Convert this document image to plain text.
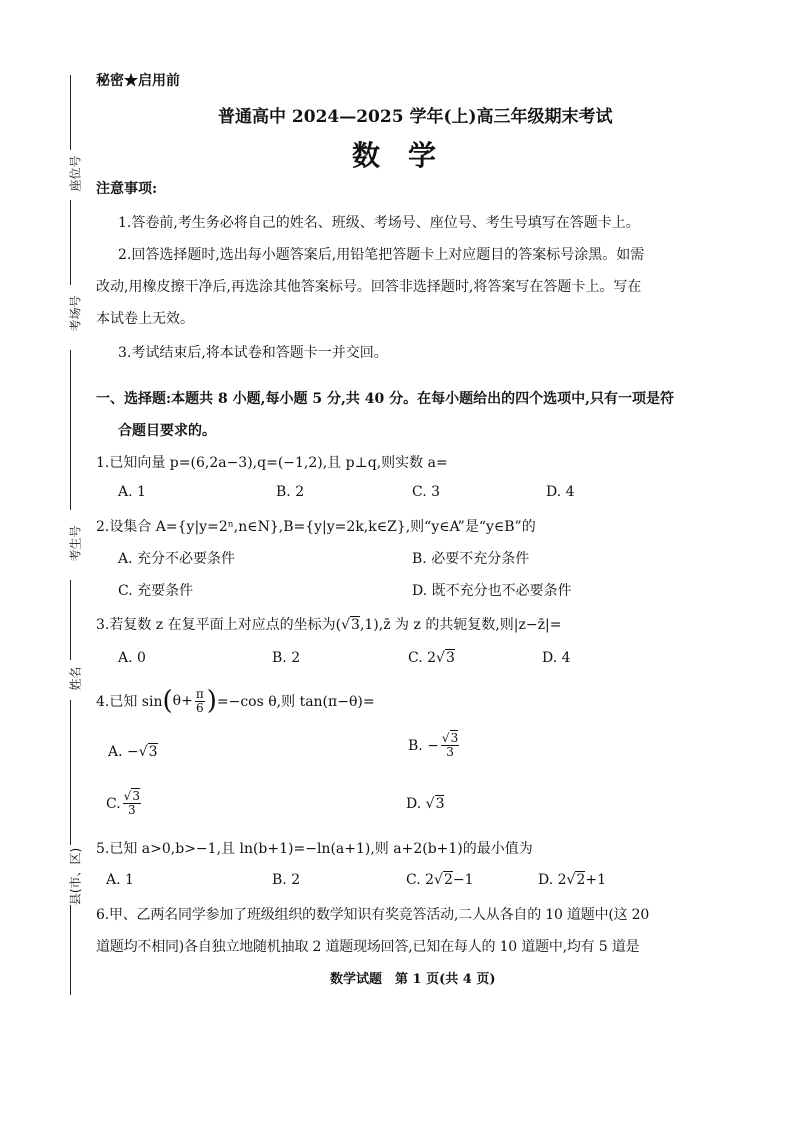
座位号
考场号
考生号
姓名
县(市、区)
秘密★启用前
普通高中 2024—2025 学年(上)高三年级期末考试
数　学
注意事项:
1.答卷前,考生务必将自己的姓名、班级、考场号、座位号、考生号填写在答题卡上。
2.回答选择题时,选出每小题答案后,用铅笔把答题卡上对应题目的答案标号涂黑。如需
改动,用橡皮擦干净后,再选涂其他答案标号。回答非选择题时,将答案写在答题卡上。写在
本试卷上无效。
3.考试结束后,将本试卷和答题卡一并交回。
一、选择题:本题共 8 小题,每小题 5 分,共 40 分。在每小题给出的四个选项中,只有一项是符
合题目要求的。
1.已知向量 p=(6,2a−3),q=(−1,2),且 p⊥q,则实数 a=
A. 1	B. 2	C. 3	D. 4
2.设集合 A={y|y=2ⁿ,n∈N},B={y|y=2k,k∈Z},则“y∈A”是“y∈B”的
A. 充分不必要条件	B. 必要不充分条件
C. 充要条件	D. 既不充分也不必要条件
3.若复数 z 在复平面上对应点的坐标为(√3,1),z̄ 为 z 的共轭复数,则|z−z̄|=
A. 0	B. 2	C. 2√3	D. 4
4.已知 sin ( $\theta+ \frac{\pi}{6}$ ) =−cos θ,则 tan(π−θ)=
A. −√3	B. − $\frac{√3}{3}$
C. $\frac{√3}{3}$	D. √3
5.已知 a>0,b>−1,且 ln(b+1)=−ln(a+1),则 a+2(b+1)的最小值为
A. 1	B. 2	C. 2√2−1	D. 2√2+1
6.甲、乙两名同学参加了班级组织的数学知识有奖竞答活动,二人从各自的 10 道题中(这 20
道题均不相同)各自独立地随机抽取 2 道题现场回答,已知在每人的 10 道题中,均有 5 道是
数学试题　第 1 页(共 4 页)
